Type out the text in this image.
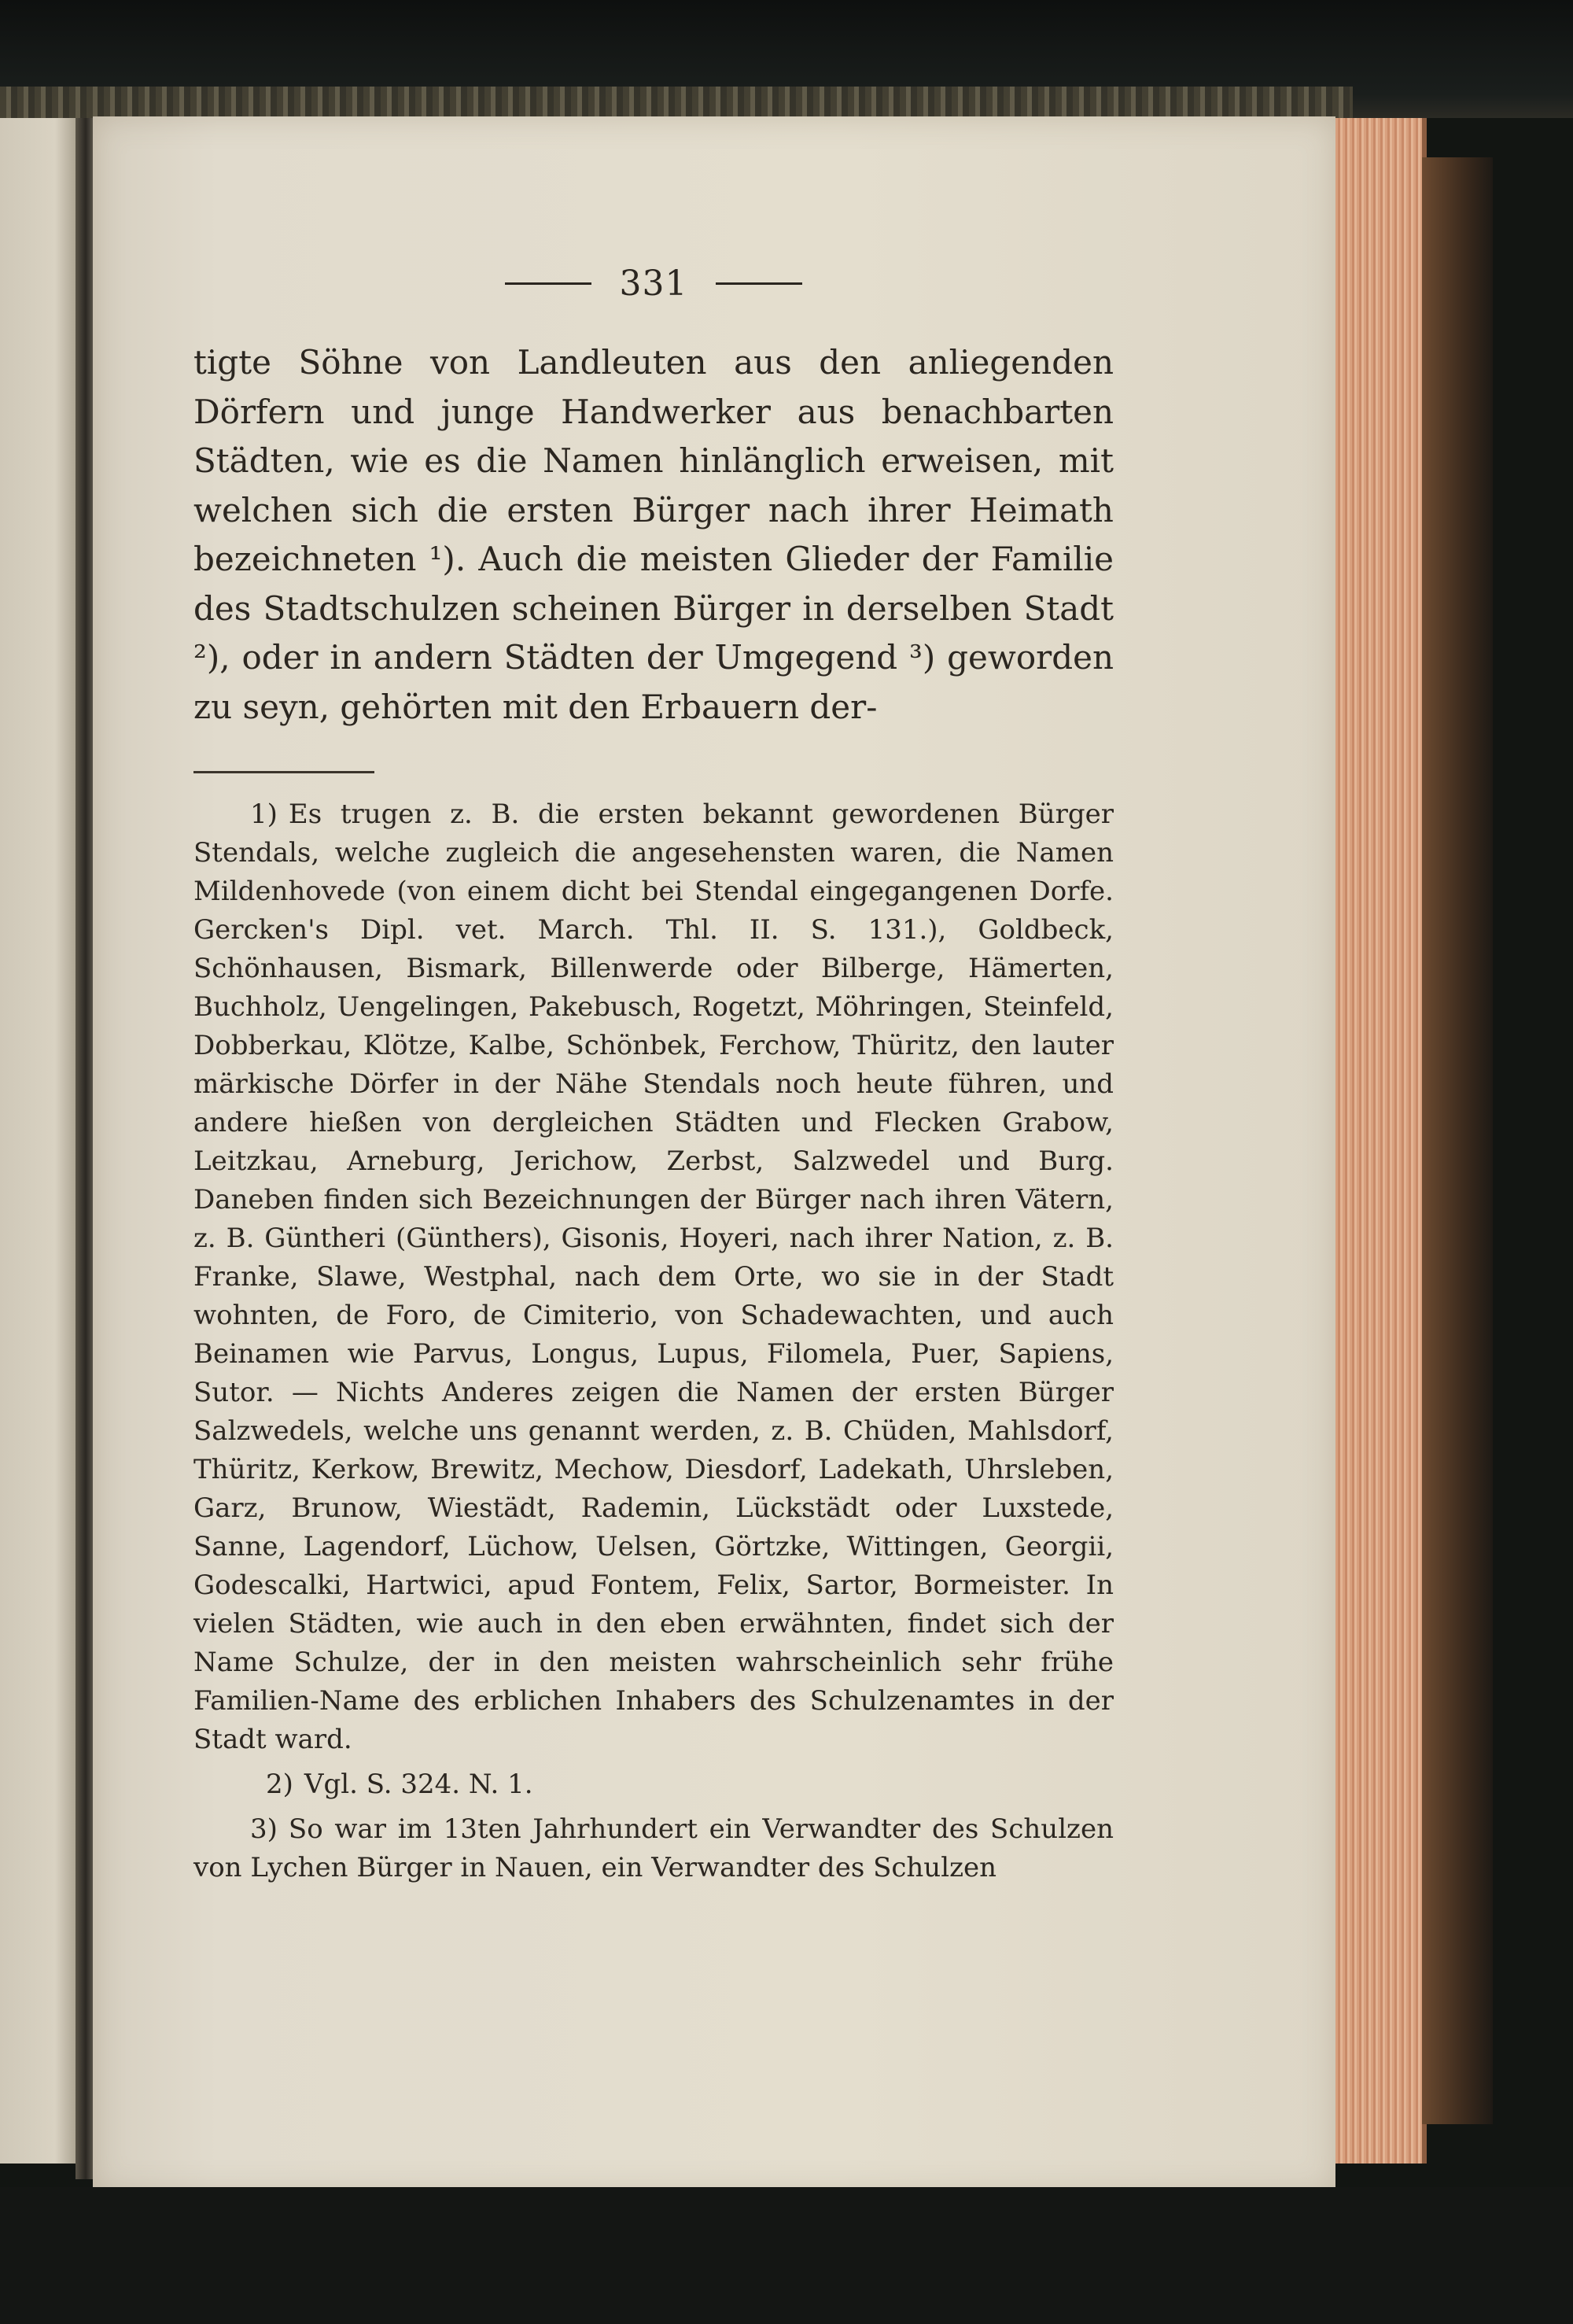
331

tigte Söhne von Landleuten aus den anliegenden Dörfern und junge Handwerker aus benachbarten Städten, wie es die Namen hinlänglich erweisen, mit welchen sich die ersten Bürger nach ihrer Heimath bezeichneten ¹). Auch die meisten Glieder der Familie des Stadtschulzen scheinen Bürger in derselben Stadt ²), oder in andern Städten der Umgegend ³) geworden zu seyn, gehörten mit den Erbauern der-

1) Es trugen z. B. die ersten bekannt gewordenen Bürger Stendals, welche zugleich die angesehensten waren, die Namen Mildenhovede (von einem dicht bei Stendal eingegangenen Dorfe. Gercken's Dipl. vet. March. Thl. II. S. 131.), Goldbeck, Schönhausen, Bismark, Billenwerde oder Bilberge, Hämerten, Buchholz, Uengelingen, Pakebusch, Rogetzt, Möhringen, Steinfeld, Dobberkau, Klötze, Kalbe, Schönbek, Ferchow, Thüritz, den lauter märkische Dörfer in der Nähe Stendals noch heute führen, und andere hießen von dergleichen Städten und Flecken Grabow, Leitzkau, Arneburg, Jerichow, Zerbst, Salzwedel und Burg. Daneben finden sich Bezeichnungen der Bürger nach ihren Vätern, z. B. Güntheri (Günthers), Gisonis, Hoyeri, nach ihrer Nation, z. B. Franke, Slawe, Westphal, nach dem Orte, wo sie in der Stadt wohnten, de Foro, de Cimiterio, von Schadewachten, und auch Beinamen wie Parvus, Longus, Lupus, Filomela, Puer, Sapiens, Sutor. — Nichts Anderes zeigen die Namen der ersten Bürger Salzwedels, welche uns genannt werden, z. B. Chüden, Mahlsdorf, Thüritz, Kerkow, Brewitz, Mechow, Diesdorf, Ladekath, Uhrsleben, Garz, Brunow, Wiestädt, Rademin, Lückstädt oder Luxstede, Sanne, Lagendorf, Lüchow, Uelsen, Görtzke, Wittingen, Georgii, Godescalki, Hartwici, apud Fontem, Felix, Sartor, Bormeister. In vielen Städten, wie auch in den eben erwähnten, findet sich der Name Schulze, der in den meisten wahrscheinlich sehr frühe Familien-Name des erblichen Inhabers des Schulzenamtes in der Stadt ward.

2) Vgl. S. 324. N. 1.

3) So war im 13ten Jahrhundert ein Verwandter des Schulzen von Lychen Bürger in Nauen, ein Verwandter des Schulzen
